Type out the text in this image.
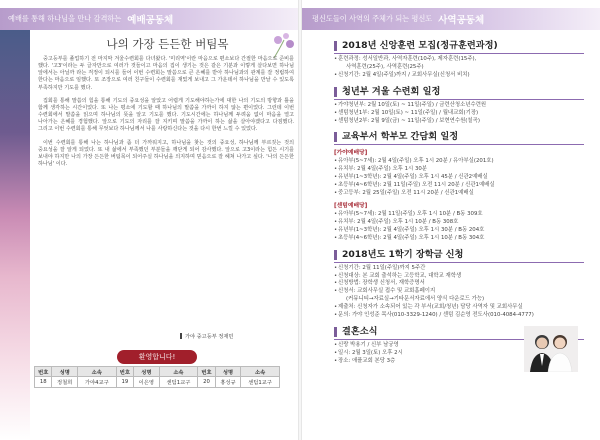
예배를 통해 하나님을 만나 감격하는 예배공동체
나의 가장 든든한 버팀목

중고등부를 졸업하기 전 마지막 겨울수련회를 다녀왔다. '미리역'이란 마음으로 편소보다 간절한 마음으로 준비를 했다. '고3'이라는 두 글자만으로 여러가 것들이고 마음의 집이 생기는 것은 같은 기분과 이렇게 살다보면 하나님 앞에서는 아닐까 라는 걱정이 되시를 들어 이번 수련회는 말씀으로 큰 은혜를 받아 하나님과의 관계를 잘 정립하여 한다는 마음으로 임했다. 또 조장으로 여러 친구들이 수련회를 재밌게 보내고 그 가운데서 하나님을 만날 수 있도록 부족하지만 기도를 했다.

집회를 통해 말씀의 힘을 통해 기도의 중요성을 알았고 어렵게 기도해야하는가에 대한 나의 기도의 방향과 틀을 함께 생각하는 시간이었다. 또 나는 평소에 기도할 때 하나님의 말씀을 가까이 하지 않는 편이었다. 그런데 이번 수련회에서 말씀을 읽으며 하나님의 뜻을 알고 기도를 했다. 기도시간에는 하나님께 두려움 없이 마음을 열고 나아가는 은혜를 경험했다. 앞으로 기도의 자리를 잘 지키며 말씀을 가까이 하는 삶을 살아야겠다고 다짐했다. 그리고 이번 수련회를 통해 무엇보다 하나님께서 나를 사랑하신다는 것을 다시 한번 느낄 수 있었다.

이번 수련회를 통해 나는 하나님과 좀 더 가까워지고, 하나님을 찾는 것의 중요성, 하나님께 부르짖는 것의 중요성을 잘 알게 되었다. 또 내 삶에서 부족했던 부분들을 깨닫게 되어 감사했다. 앞으로 고3이라는 힘든 시기를 보내야 하지만 나의 가장 든든한 버팀목이 되어주실 하나님을 의지하며 믿음으로 잘 헤쳐 나가고 싶다. '나의 든든한 하나님' 이다.

가야 중고등부 정재민
환영합니다!
번호	성명	소속	번호	성명	소속	번호	성명	소속
18	정철희	가야4교구	19	이은영	센텀1교구	20	홍성규	센텀1교구
평신도들이 사역의 주체가 되는 평신도 사역공동체
2018년 신앙훈련 모집(정규훈련과정)
• 훈련과정: 성서일반과, 사역자훈련(10주), 제자훈련(15주),
사역훈련(25주), 사역훈련(25주)
• 신청기간: 2월 4일(주일)까지 / 교회사무실(신청서 비치)
청년부 겨울 수련회 일정
• 가야청년부: 2월 10일(토) ~ 11일(주일) / 금련산청소년수련원
• 센텀청년1부: 2월 10일(토) ~ 11일(주일) / 월내교회(기장)
• 센텀청년2부: 2월 9일(금) ~ 11일(주일) / 보현연수원(칠곡)
교육부서 학부모 간담회 일정
[가야예배당]
• 유아부(5~7세): 2월 4일(주일) 오후 1시 20분 / 유아부실(201호)
• 유치부: 2월 4일(주일) 오후 1시 30분
• 유년부(1~3학년): 2월 4일(주일) 오후 1시 45분 / 신관2예배실
• 초등부(4~6학년): 2월 11일(주일) 오전 11시 20분 / 신관1예배실
• 중고등부: 2월 25일(주일) 오전 11시 20분 / 신관1예배실
[센텀예배당]
• 유아부(5~7세): 2월 11일(주일) 오후 1시 10분 / B동 309호
• 유치부: 2월 4일(주일) 오후 1시 10분 / B동 308호
• 유년부(1~3학년): 2월 4일(주일) 오후 1시 30분 / B동 204호
• 초등부(4~6학년): 2월 4일(주일) 오후 1시 10분 / B동 304호
2018년도 1학기 장학금 신청
• 신청기간: 2월 11일(주일)까지 5주간
• 신청대상: 본 교회 출석하는 고등학교, 대학교 재학생
• 신청방법: 장학생 신청서, 재학증명서
• 신청서: 교회사무실 접수 및 교회홈페이지
(커뮤니티→자료실→기타문서자료에서 양식 다운로드 가능)
• 제출처: 신청자가 소속되어 있는 각 부서(교회/청년) 담당 사역자 및 교회사무실
• 문의: 가야 인성준 목사(010-3329-1240) / 센텀 김순영 전도사(010-4084-4777)
결혼소식
• 신랑 박용기 / 신부 남궁영
• 일시: 2월 3일(토) 오후 2시
• 장소: 애플교회 본당 3층
